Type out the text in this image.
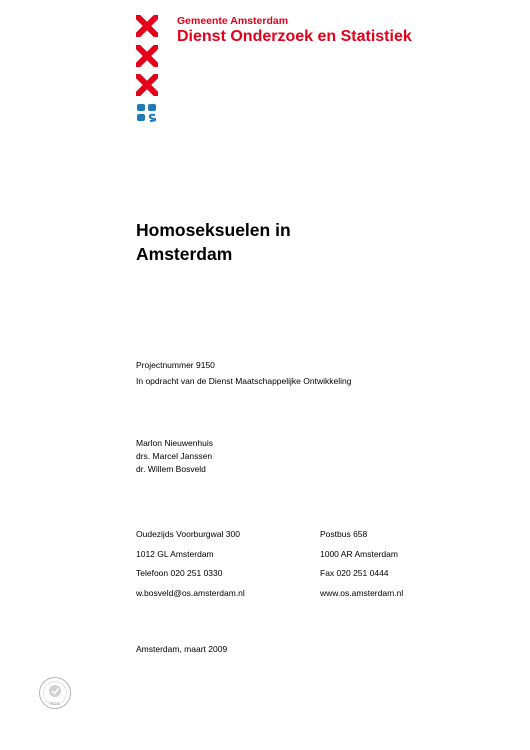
Gemeente Amsterdam
Dienst Onderzoek en Statistiek
Homoseksuelen in
Amsterdam
Projectnummer 9150
In opdracht van de Dienst Maatschappelijke Ontwikkeling
Marlon Nieuwenhuis
drs. Marcel Janssen
dr. Willem Bosveld
Oudezijds Voorburgwal 300
1012 GL Amsterdam
Telefoon 020 251 0330
w.bosveld@os.amsterdam.nl
Postbus 658
1000 AR Amsterdam
Fax 020 251 0444
www.os.amsterdam.nl
Amsterdam, maart 2009
SGS
